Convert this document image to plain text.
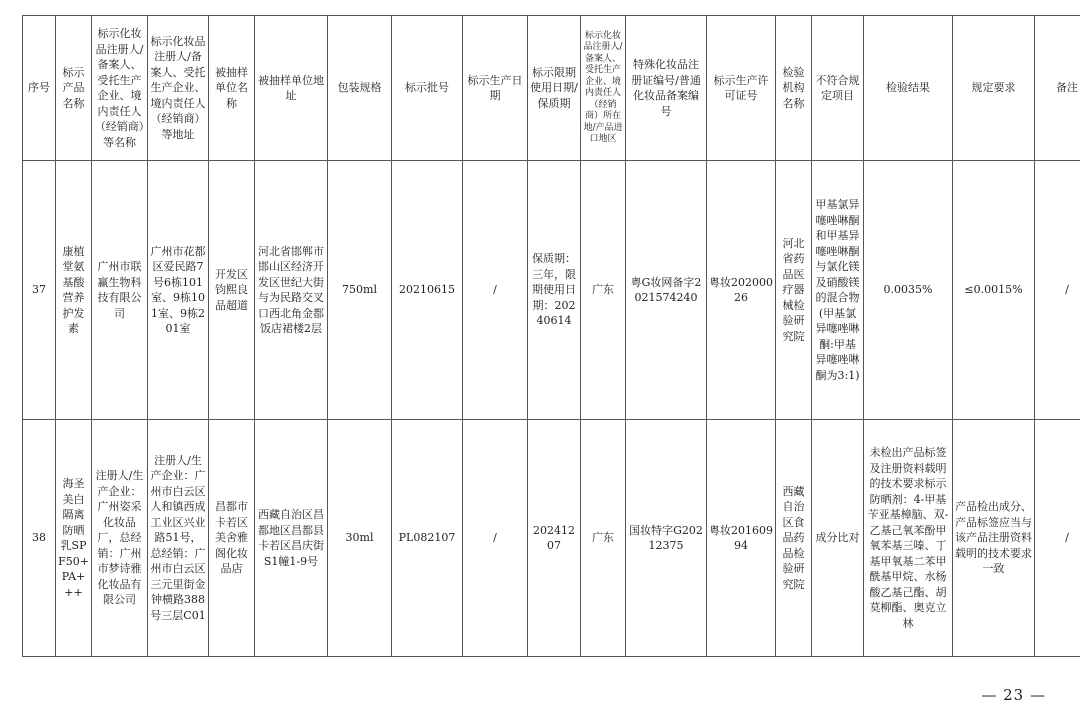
序号	标示产品名称	标示化妆品注册人/备案人、受托生产企业、境内责任人（经销商）等名称	标示化妆品注册人/备案人、受托生产企业、境内责任人（经销商）等地址	被抽样单位名称	被抽样单位地址	包装规格	标示批号	标示生产日期	标示限期使用日期/保质期	标示化妆品注册人/备案人、受托生产企业、境内责任人（经销商）所在地/产品进口地区	特殊化妆品注册证编号/普通化妆品备案编号	标示生产许可证号	检验机构名称	不符合规定项目	检验结果	规定要求	备注
37	康植堂氨基酸营养护发素	广州市联赢生物科技有限公司	广州市花都区爱民路7号6栋101室、9栋101室、9栋201室	开发区钧熙良品超道	河北省邯郸市邯山区经济开发区世纪大街与为民路交叉口西北角金都饭店裙楼2层	750ml	20210615	/	保质期：三年，限期使用日期：20240614	广东	粤G妆网备字2021574240	粤妆20200026	河北省药品医疗器械检验研究院	甲基氯异噻唑啉酮和甲基异噻唑啉酮与氯化镁及硝酸镁的混合物(甲基氯异噻唑啉酮:甲基异噻唑啉酮为3:1)	0.0035%	≤0.0015%	/
38	海圣美白隔离防晒乳SPF50+PA+++	注册人/生产企业：广州姿采化妆品厂，总经销：广州市梦诗雅化妆品有限公司	注册人/生产企业：广州市白云区人和镇西成工业区兴业路51号，总经销：广州市白云区三元里街金钟横路388号三层C01	昌都市卡若区美舍雅阁化妆品店	西藏自治区昌都地区昌都县卡若区昌庆街S1幢1-9号	30ml	PL082107	/	20241207	广东	国妆特字G20212375	粤妆20160994	西藏自治区食品药品检验研究院	成分比对	未检出产品标签及注册资料载明的技术要求标示防晒剂：4-甲基苄亚基樟脑、双-乙基己氧苯酚甲氧苯基三嗪、丁基甲氧基二苯甲酰基甲烷、水杨酸乙基己酯、胡莫柳酯、奥克立林	产品检出成分、产品标签应当与该产品注册资料载明的技术要求一致	/
— 23 —
